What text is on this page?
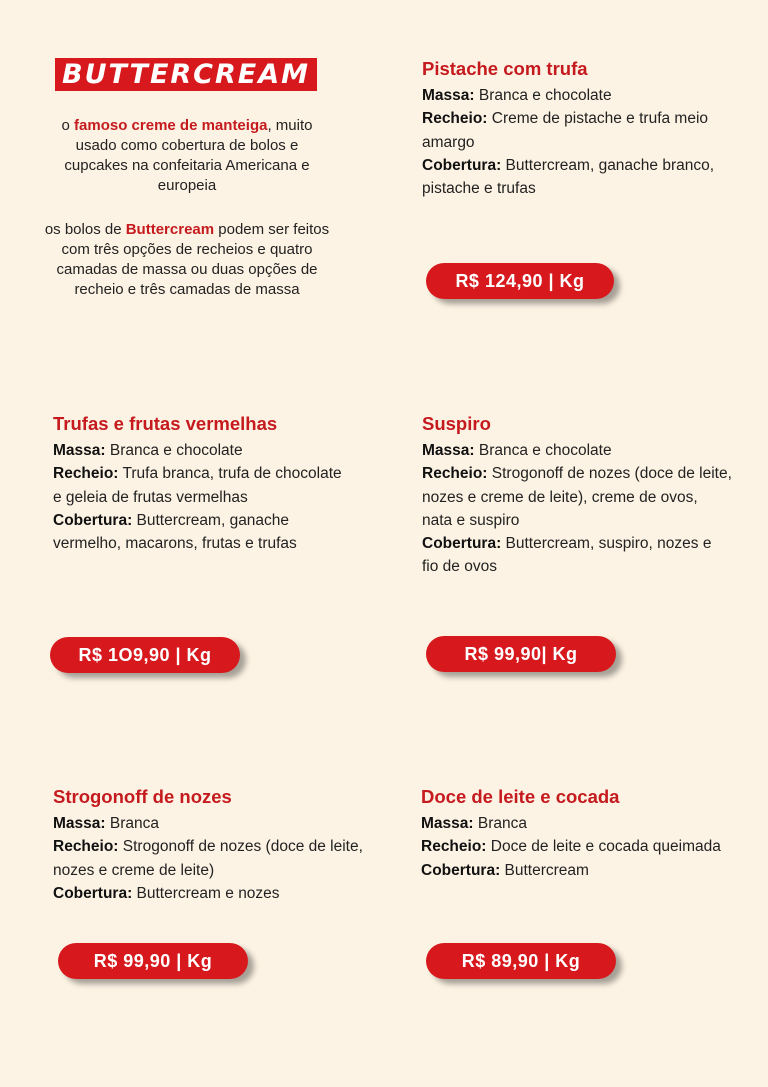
BUTTERCREAM
o famoso creme de manteiga, muito usado como cobertura de bolos e cupcakes na confeitaria Americana e europeia
os bolos de Buttercream podem ser feitos com três opções de recheios e quatro camadas de massa ou duas opções de recheio e três camadas de massa
Pistache com trufa
Massa: Branca e chocolate
Recheio: Creme de pistache e trufa meio amargo
Cobertura: Buttercream, ganache branco, pistache e trufas
R$ 124,90 | Kg
Trufas e frutas vermelhas
Massa: Branca e chocolate
Recheio: Trufa branca, trufa de chocolate e geleia de frutas vermelhas
Cobertura: Buttercream, ganache vermelho, macarons, frutas e trufas
R$ 1O9,90 | Kg
Suspiro
Massa: Branca e chocolate
Recheio: Strogonoff de nozes (doce de leite, nozes e creme de leite), creme de ovos, nata e suspiro
Cobertura: Buttercream, suspiro, nozes e fio de ovos
R$ 99,90| Kg
Strogonoff de nozes
Massa: Branca
Recheio: Strogonoff de nozes (doce de leite, nozes e creme de leite)
Cobertura: Buttercream e nozes
R$ 99,90 | Kg
Doce de leite e cocada
Massa: Branca
Recheio: Doce de leite e cocada queimada
Cobertura: Buttercream
R$ 89,90 | Kg
